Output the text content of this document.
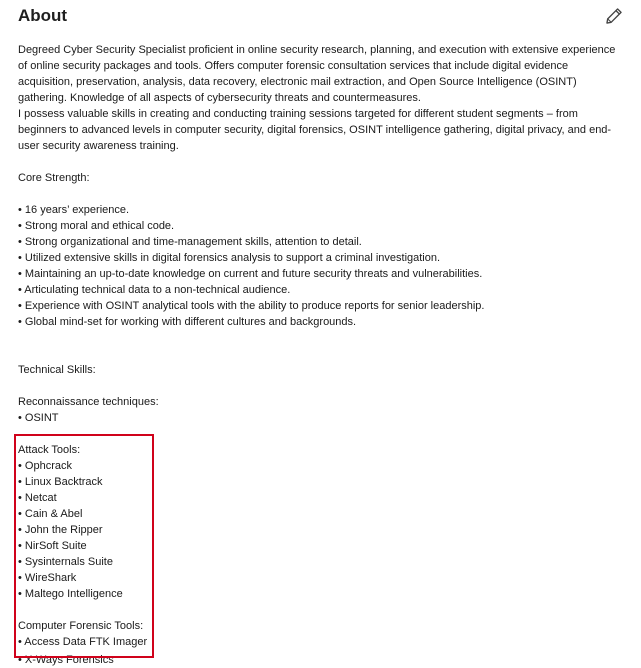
About
Degreed Cyber Security Specialist proficient in online security research, planning, and execution with extensive experience
of online security packages and tools. Offers computer forensic consultation services that include digital evidence
acquisition, preservation, analysis, data recovery, electronic mail extraction, and Open Source Intelligence (OSINT)
gathering. Knowledge of all aspects of cybersecurity threats and countermeasures.
I possess valuable skills in creating and conducting training sessions targeted for different student segments – from
beginners to advanced levels in computer security, digital forensics, OSINT intelligence gathering, digital privacy, and end-
user security awareness training.
Core Strength:
• 16 years’ experience.
• Strong moral and ethical code.
• Strong organizational and time-management skills, attention to detail.
• Utilized extensive skills in digital forensics analysis to support a criminal investigation.
• Maintaining an up-to-date knowledge on current and future security threats and vulnerabilities.
• Articulating technical data to a non-technical audience.
• Experience with OSINT analytical tools with the ability to produce reports for senior leadership.
• Global mind-set for working with different cultures and backgrounds.
Technical Skills:
Reconnaissance techniques:
• OSINT
Attack Tools:
• Ophcrack
• Linux Backtrack
• Netcat
• Cain & Abel
• John the Ripper
• NirSoft Suite
• Sysinternals Suite
• WireShark
• Maltego Intelligence
Computer Forensic Tools:
• Access Data FTK Imager
• X-Ways Forensics
